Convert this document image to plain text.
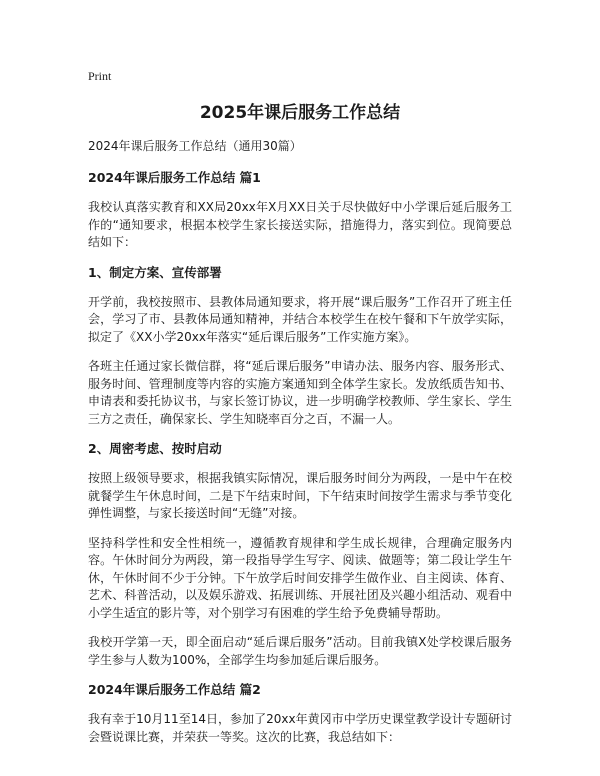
Print
2025年课后服务工作总结
2024年课后服务工作总结（通用30篇）
2024年课后服务工作总结 篇1

我校认真落实教育和XX局20xx年X月XX日关于尽快做好中小学课后延后服务工作的“通知要求，根据本校学生家长接送实际，措施得力，落实到位。现简要总结如下：

1、制定方案、宣传部署

开学前，我校按照市、县教体局通知要求，将开展“课后服务”工作召开了班主任会，学习了市、县教体局通知精神，并结合本校学生在校午餐和下午放学实际，拟定了《XX小学20xx年落实“延后课后服务”工作实施方案》。

各班主任通过家长微信群，将“延后课后服务”申请办法、服务内容、服务形式、服务时间、管理制度等内容的实施方案通知到全体学生家长。发放纸质告知书、申请表和委托协议书，与家长签订协议，进一步明确学校教师、学生家长、学生三方之责任，确保家长、学生知晓率百分之百，不漏一人。

2、周密考虑、按时启动

按照上级领导要求，根据我镇实际情况，课后服务时间分为两段，一是中午在校就餐学生午休息时间，二是下午结束时间，下午结束时间按学生需求与季节变化弹性调整，与家长接送时间“无缝”对接。

坚持科学性和安全性相统一，遵循教育规律和学生成长规律，合理确定服务内容。午休时间分为两段，第一段指导学生写字、阅读、做题等；第二段让学生午休，午休时间不少于分钟。下午放学后时间安排学生做作业、自主阅读、体育、艺术、科普活动，以及娱乐游戏、拓展训练、开展社团及兴趣小组活动、观看中小学生适宜的影片等，对个别学习有困难的学生给予免费辅导帮助。

我校开学第一天，即全面启动“延后课后服务”活动。目前我镇X处学校课后服务学生参与人数为100%，全部学生均参加延后课后服务。

2024年课后服务工作总结 篇2

我有幸于10月11至14日，参加了20xx年黄冈市中学历史课堂教学设计专题研讨会暨说课比赛，并荣获一等奖。这次的比赛，我总结如下：
